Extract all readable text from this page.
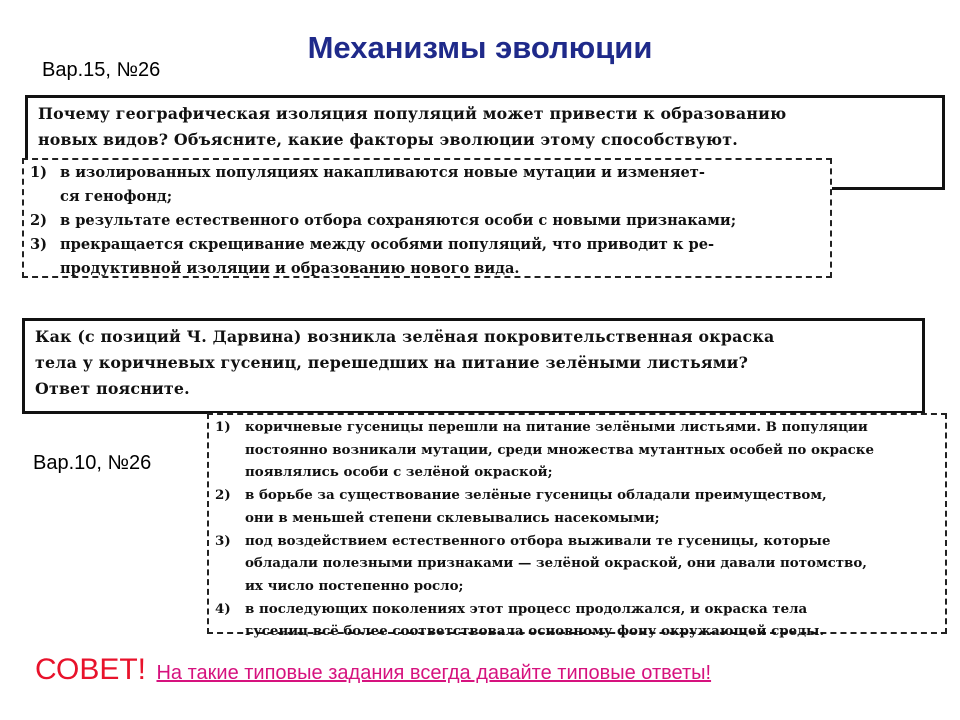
Механизмы эволюции
Вар.15, №26
Почему географическая изоляция популяций может привести к образованию
новых видов? Объясните, какие факторы эволюции этому способствуют.
1) в изолированных популяциях накапливаются новые мутации и изменяет-
ся генофонд;
2) в результате естественного отбора сохраняются особи с новыми признаками;
3) прекращается скрещивание между особями популяций, что приводит к ре-
продуктивной изоляции и образованию нового вида.
Как (с позиций Ч. Дарвина) возникла зелёная покровительственная окраска
тела у коричневых гусениц, перешедших на питание зелёными листьями?
Ответ поясните.
Вар.10, №26
1) коричневые гусеницы перешли на питание зелёными листьями. В популяции
постоянно возникали мутации, среди множества мутантных особей по окраске
появлялись особи с зелёной окраской;
2) в борьбе за существование зелёные гусеницы обладали преимуществом,
они в меньшей степени склевывались насекомыми;
3) под воздействием естественного отбора выживали те гусеницы, которые
обладали полезными признаками — зелёной окраской, они давали потомство,
их число постепенно росло;
4) в последующих поколениях этот процесс продолжался, и окраска тела
гусениц всё более соответствовала основному фону окружающей среды.
СОВЕТ! На такие типовые задания всегда давайте типовые ответы!
